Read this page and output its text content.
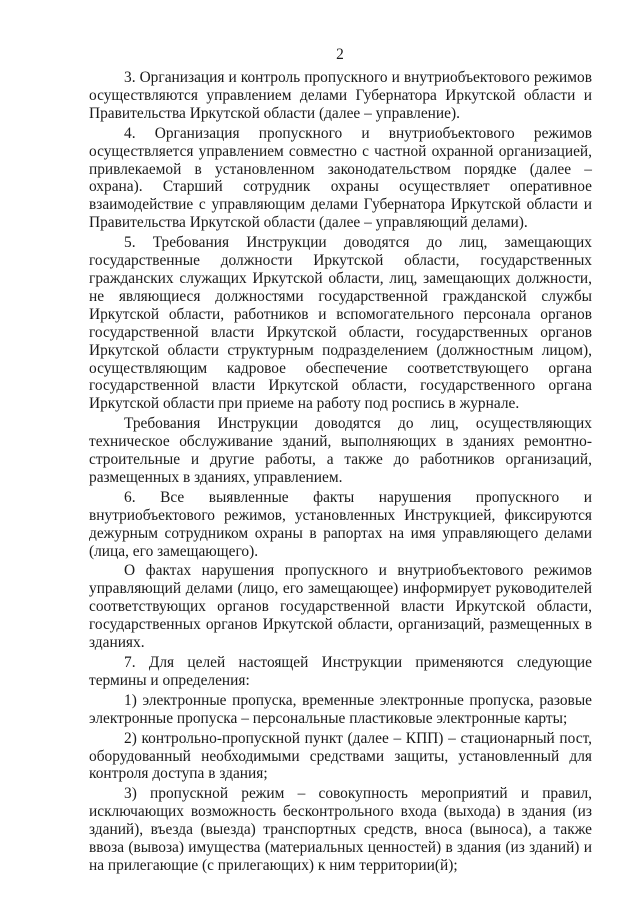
2

3. Организация и контроль пропускного и внутриобъектового режимов осуществляются управлением делами Губернатора Иркутской области и Правительства Иркутской области (далее – управление).

4. Организация пропускного и внутриобъектового режимов осуществляется управлением совместно с частной охранной организацией, привлекаемой в установленном законодательством порядке (далее – охрана). Старший сотрудник охраны осуществляет оперативное взаимодействие с управляющим делами Губернатора Иркутской области и Правительства Иркутской области (далее – управляющий делами).

5. Требования Инструкции доводятся до лиц, замещающих государственные должности Иркутской области, государственных гражданских служащих Иркутской области, лиц, замещающих должности, не являющиеся должностями государственной гражданской службы Иркутской области, работников и вспомогательного персонала органов государственной власти Иркутской области, государственных органов Иркутской области структурным подразделением (должностным лицом), осуществляющим кадровое обеспечение соответствующего органа государственной власти Иркутской области, государственного органа Иркутской области при приеме на работу под роспись в журнале.

Требования Инструкции доводятся до лиц, осуществляющих техническое обслуживание зданий, выполняющих в зданиях ремонтно-строительные и другие работы, а также до работников организаций, размещенных в зданиях, управлением.

6. Все выявленные факты нарушения пропускного и внутриобъектового режимов, установленных Инструкцией, фиксируются дежурным сотрудником охраны в рапортах на имя управляющего делами (лица, его замещающего).

О фактах нарушения пропускного и внутриобъектового режимов управляющий делами (лицо, его замещающее) информирует руководителей соответствующих органов государственной власти Иркутской области, государственных органов Иркутской области, организаций, размещенных в зданиях.

7. Для целей настоящей Инструкции применяются следующие термины и определения:

1) электронные пропуска, временные электронные пропуска, разовые электронные пропуска – персональные пластиковые электронные карты;

2) контрольно-пропускной пункт (далее – КПП) – стационарный пост, оборудованный необходимыми средствами защиты, установленный для контроля доступа в здания;

3) пропускной режим – совокупность мероприятий и правил, исключающих возможность бесконтрольного входа (выхода) в здания (из зданий), въезда (выезда) транспортных средств, вноса (выноса), а также ввоза (вывоза) имущества (материальных ценностей) в здания (из зданий) и на прилегающие (с прилегающих) к ним территории(й);
